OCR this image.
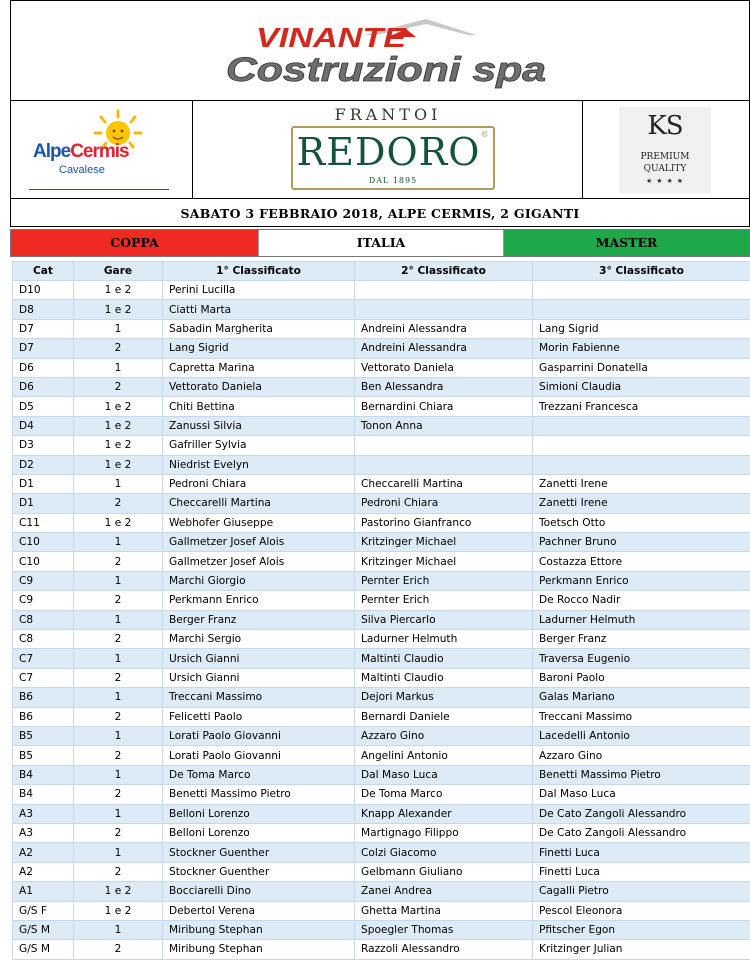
VINANTE
Costruzioni spa
AlpeCermis
Cavalese
FRANTOI
REDORO®
DAL 1895
KS
PREMIUM
QUALITY
★ ★ ★ ★
SABATO 3 FEBBRAIO 2018, ALPE CERMIS, 2 GIGANTI
COPPA	ITALIA	MASTER
Cat	Gare	1° Classificato	2° Classificato	3° Classificato
D10	1 e 2	Perini Lucilla		
D8	1 e 2	Ciatti Marta		
D7	1	Sabadin Margherita	Andreini Alessandra	Lang Sigrid
D7	2	Lang Sigrid	Andreini Alessandra	Morin Fabienne
D6	1	Capretta Marina	Vettorato Daniela	Gasparrini Donatella
D6	2	Vettorato Daniela	Ben Alessandra	Simioni Claudia
D5	1 e 2	Chiti Bettina	Bernardini Chiara	Trezzani Francesca
D4	1 e 2	Zanussi Silvia	Tonon Anna	
D3	1 e 2	Gafriller Sylvia		
D2	1 e 2	Niedrist Evelyn		
D1	1	Pedroni Chiara	Checcarelli Martina	Zanetti Irene
D1	2	Checcarelli Martina	Pedroni Chiara	Zanetti Irene
C11	1 e 2	Webhofer Giuseppe	Pastorino Gianfranco	Toetsch Otto
C10	1	Gallmetzer Josef Alois	Kritzinger Michael	Pachner Bruno
C10	2	Gallmetzer Josef Alois	Kritzinger Michael	Costazza Ettore
C9	1	Marchi Giorgio	Pernter Erich	Perkmann Enrico
C9	2	Perkmann Enrico	Pernter Erich	De Rocco Nadir
C8	1	Berger Franz	Silva Piercarlo	Ladurner Helmuth
C8	2	Marchi Sergio	Ladurner Helmuth	Berger Franz
C7	1	Ursich Gianni	Maltinti Claudio	Traversa Eugenio
C7	2	Ursich Gianni	Maltinti Claudio	Baroni Paolo
B6	1	Treccani Massimo	Dejori Markus	Galas Mariano
B6	2	Felicetti Paolo	Bernardi Daniele	Treccani Massimo
B5	1	Lorati Paolo Giovanni	Azzaro Gino	Lacedelli Antonio
B5	2	Lorati Paolo Giovanni	Angelini Antonio	Azzaro Gino
B4	1	De Toma Marco	Dal Maso Luca	Benetti Massimo Pietro
B4	2	Benetti Massimo Pietro	De Toma Marco	Dal Maso Luca
A3	1	Belloni Lorenzo	Knapp Alexander	De Cato Zangoli Alessandro
A3	2	Belloni Lorenzo	Martignago Filippo	De Cato Zangoli Alessandro
A2	1	Stockner Guenther	Colzi Giacomo	Finetti Luca
A2	2	Stockner Guenther	Gelbmann Giuliano	Finetti Luca
A1	1 e 2	Bocciarelli Dino	Zanei Andrea	Cagalli Pietro
G/S F	1 e 2	Debertol Verena	Ghetta Martina	Pescol Eleonora
G/S M	1	Miribung Stephan	Spoegler Thomas	Pfitscher Egon
G/S M	2	Miribung Stephan	Razzoli Alessandro	Kritzinger Julian
